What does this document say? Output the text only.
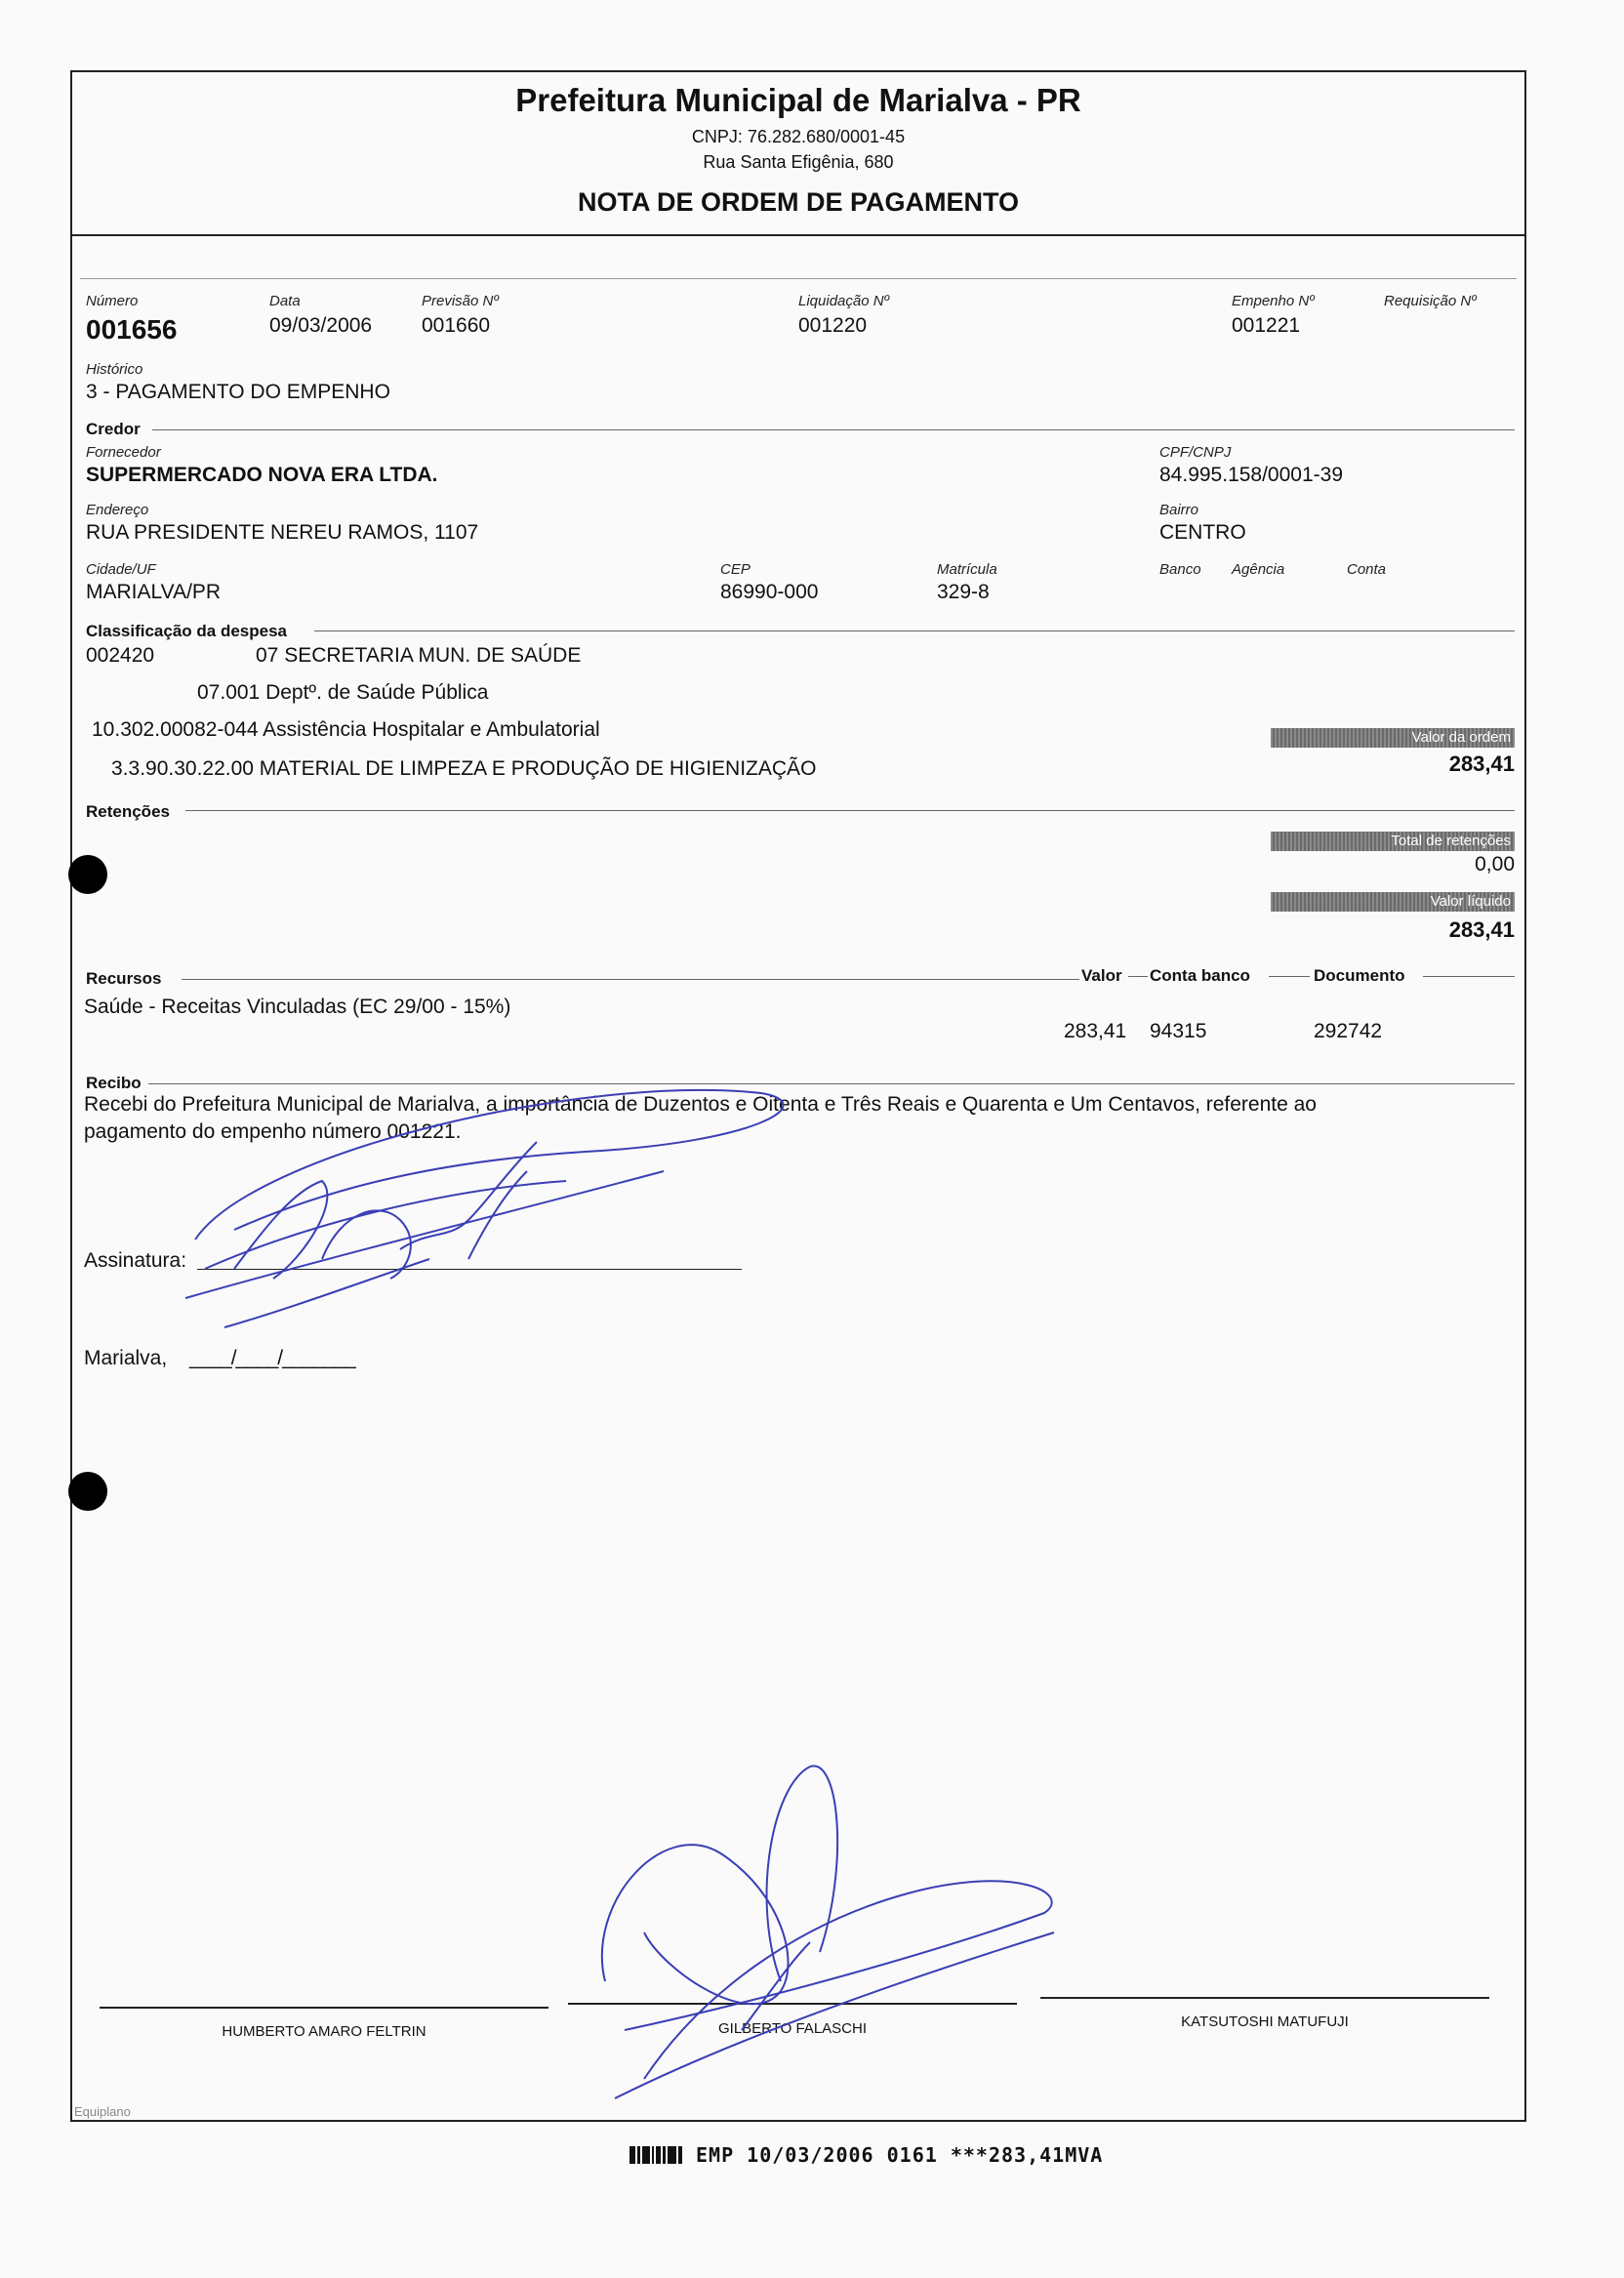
Prefeitura Municipal de Marialva - PR
CNPJ: 76.282.680/0001-45
Rua Santa Efigênia, 680
NOTA DE ORDEM DE PAGAMENTO
Número
001656
Data
09/03/2006
Previsão Nº
001660
Liquidação Nº
001220
Empenho Nº
001221
Requisição Nº
Histórico
3 - PAGAMENTO DO EMPENHO
Credor
Fornecedor
SUPERMERCADO NOVA ERA LTDA.
CPF/CNPJ
84.995.158/0001-39
Endereço
RUA PRESIDENTE NEREU RAMOS, 1107
Bairro
CENTRO
Cidade/UF
MARIALVA/PR
CEP
86990-000
Matrícula
329-8
Banco Agência	Conta
Classificação da despesa
002420	07 SECRETARIA MUN. DE SAÚDE
07.001 Deptº. de Saúde Pública
10.302.00082-044 Assistência Hospitalar e Ambulatorial
3.3.90.30.22.00 MATERIAL DE LIMPEZA E PRODUÇÃO DE HIGIENIZAÇÃO
Valor da ordem
283,41
Retenções
Total de retenções
0,00
Valor líquido
283,41
Recursos	Valor Conta banco	Documento
Saúde - Receitas Vinculadas (EC 29/00 - 15%)
283,41 94315	292742
Recibo
Recebi do Prefeitura Municipal de Marialva, a importância de Duzentos e Oitenta e Três Reais e Quarenta e Um Centavos, referente ao
pagamento do empenho número 001221.
Assinatura:
Marialva, ____/____/_______
HUMBERTO AMARO FELTRIN	GILBERTO FALASCHI	KATSUTOSHI MATUFUJI
Equiplano
EMP 10/03/2006 0161 ***283,41MVA
